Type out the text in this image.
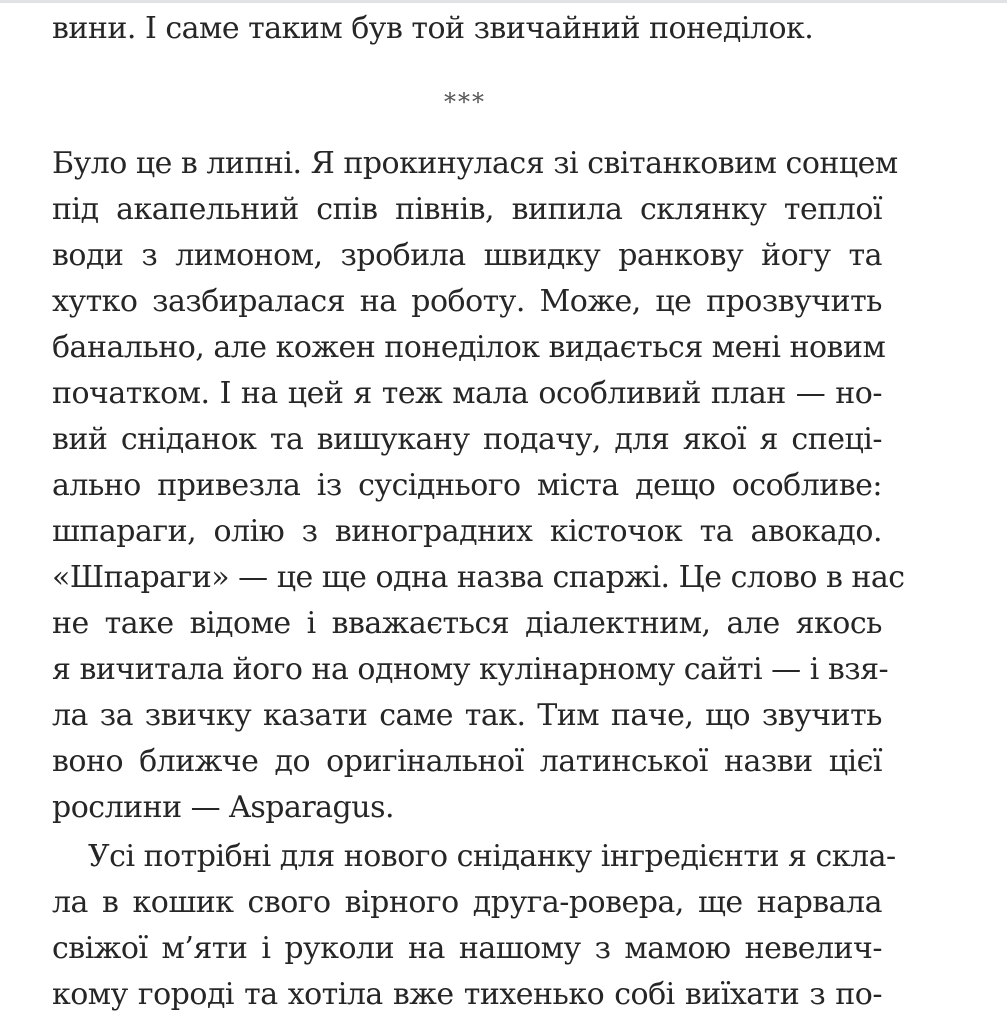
вини. І саме таким був той звичайний понеділок.
***
Було це в липні. Я прокинулася зі світанковим сонцем
під акапельний спів півнів, випила склянку теплої
води з лимоном, зробила швидку ранкову йогу та
хутко зазбиралася на роботу. Може, це прозвучить
банально, але кожен понеділок видається мені новим
початком. І на цей я теж мала особливий план — но-
вий сніданок та вишукану подачу, для якої я спеці-
ально привезла із сусіднього міста дещо особливе:
шпараги, олію з виноградних кісточок та авокадо.
«Шпараги» — це ще одна назва спаржі. Це слово в нас
не таке відоме і вважається діалектним, але якось
я вичитала його на одному кулінарному сайті — і взя-
ла за звичку казати саме так. Тим паче, що звучить
воно ближче до оригінальної латинської назви цієї
рослини — Asparagus.
Усі потрібні для нового сніданку інгредієнти я скла-
ла в кошик свого вірного друга-ровера, ще нарвала
свіжої м’яти і руколи на нашому з мамою невелич-
кому городі та хотіла вже тихенько собі виїхати з по-
